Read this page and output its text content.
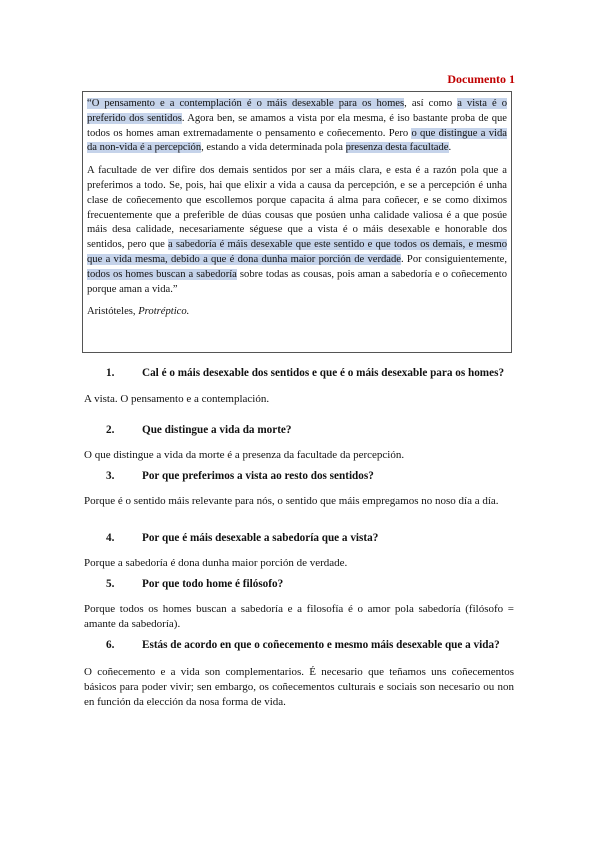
Documento 1

“O pensamento e a contemplación é o máis desexable para os homes, así como a vista é o preferido dos sentidos. Agora ben, se amamos a vista por ela mesma, é iso bastante proba de que todos os homes aman extremadamente o pensamento e coñecemento. Pero o que distingue a vida da non-vida é a percepción, estando a vida determinada pola presenza desta facultade.

A facultade de ver difire dos demais sentidos por ser a máis clara, e esta é a razón pola que a preferimos a todo. Se, pois, hai que elixir a vida a causa da percepción, e se a percepción é unha clase de coñecemento que escollemos porque capacita á alma para coñecer, e se como diximos frecuentemente que a preferible de dúas cousas que posúen unha calidade valiosa é a que posúe máis desa calidade, necesariamente séguese que a vista é o máis desexable e honorable dos sentidos, pero que a sabedoría é máis desexable que este sentido e que todos os demais, e mesmo que a vida mesma, debido a que é dona dunha maior porción de verdade. Por consiguientemente, todos os homes buscan a sabedoría sobre todas as cousas, pois aman a sabedoría e o coñecemento porque aman a vida.”

Aristóteles, Protréptico.
1.	Cal é o máis desexable dos sentidos e que é o máis desexable para os homes?
A vista. O pensamento e a contemplación.
2.	Que distingue a vida da morte?
O que distingue a vida da morte é a presenza da facultade da percepción.
3.	Por que preferimos a vista ao resto dos sentidos?
Porque é o sentido máis relevante para nós, o sentido que máis empregamos no noso día a día.
4.	Por que é máis desexable a sabedoría que a vista?
Porque a sabedoría é dona dunha maior porción de verdade.
5.	Por que todo home é filósofo?
Porque todos os homes buscan a sabedoría e a filosofía é o amor pola sabedoría (filósofo = amante da sabedoría).
6.	Estás de acordo en que o coñecemento e mesmo máis desexable que a vida?
O coñecemento e a vida son complementarios. É necesario que teñamos uns coñecementos básicos para poder vivir; sen embargo, os coñecementos culturais e sociais son necesario ou non en función da elección da nosa forma de vida.
